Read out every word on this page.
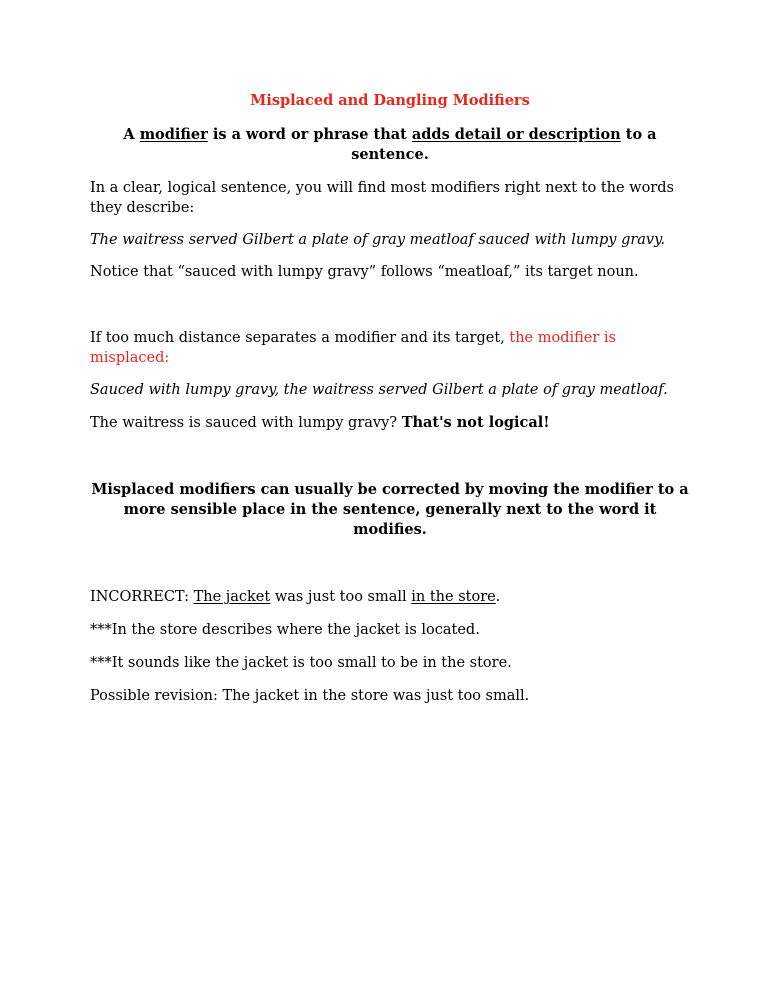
Misplaced and Dangling Modifiers

A modifier is a word or phrase that adds detail or description to a sentence.

In a clear, logical sentence, you will find most modifiers right next to the words they describe:

The waitress served Gilbert a plate of gray meatloaf sauced with lumpy gravy.

Notice that “sauced with lumpy gravy” follows “meatloaf,” its target noun.

If too much distance separates a modifier and its target, the modifier is misplaced:

Sauced with lumpy gravy, the waitress served Gilbert a plate of gray meatloaf.

The waitress is sauced with lumpy gravy? That's not logical!

Misplaced modifiers can usually be corrected by moving the modifier to a more sensible place in the sentence, generally next to the word it modifies.

INCORRECT: The jacket was just too small in the store.

***In the store describes where the jacket is located.

***It sounds like the jacket is too small to be in the store.

Possible revision: The jacket in the store was just too small.
